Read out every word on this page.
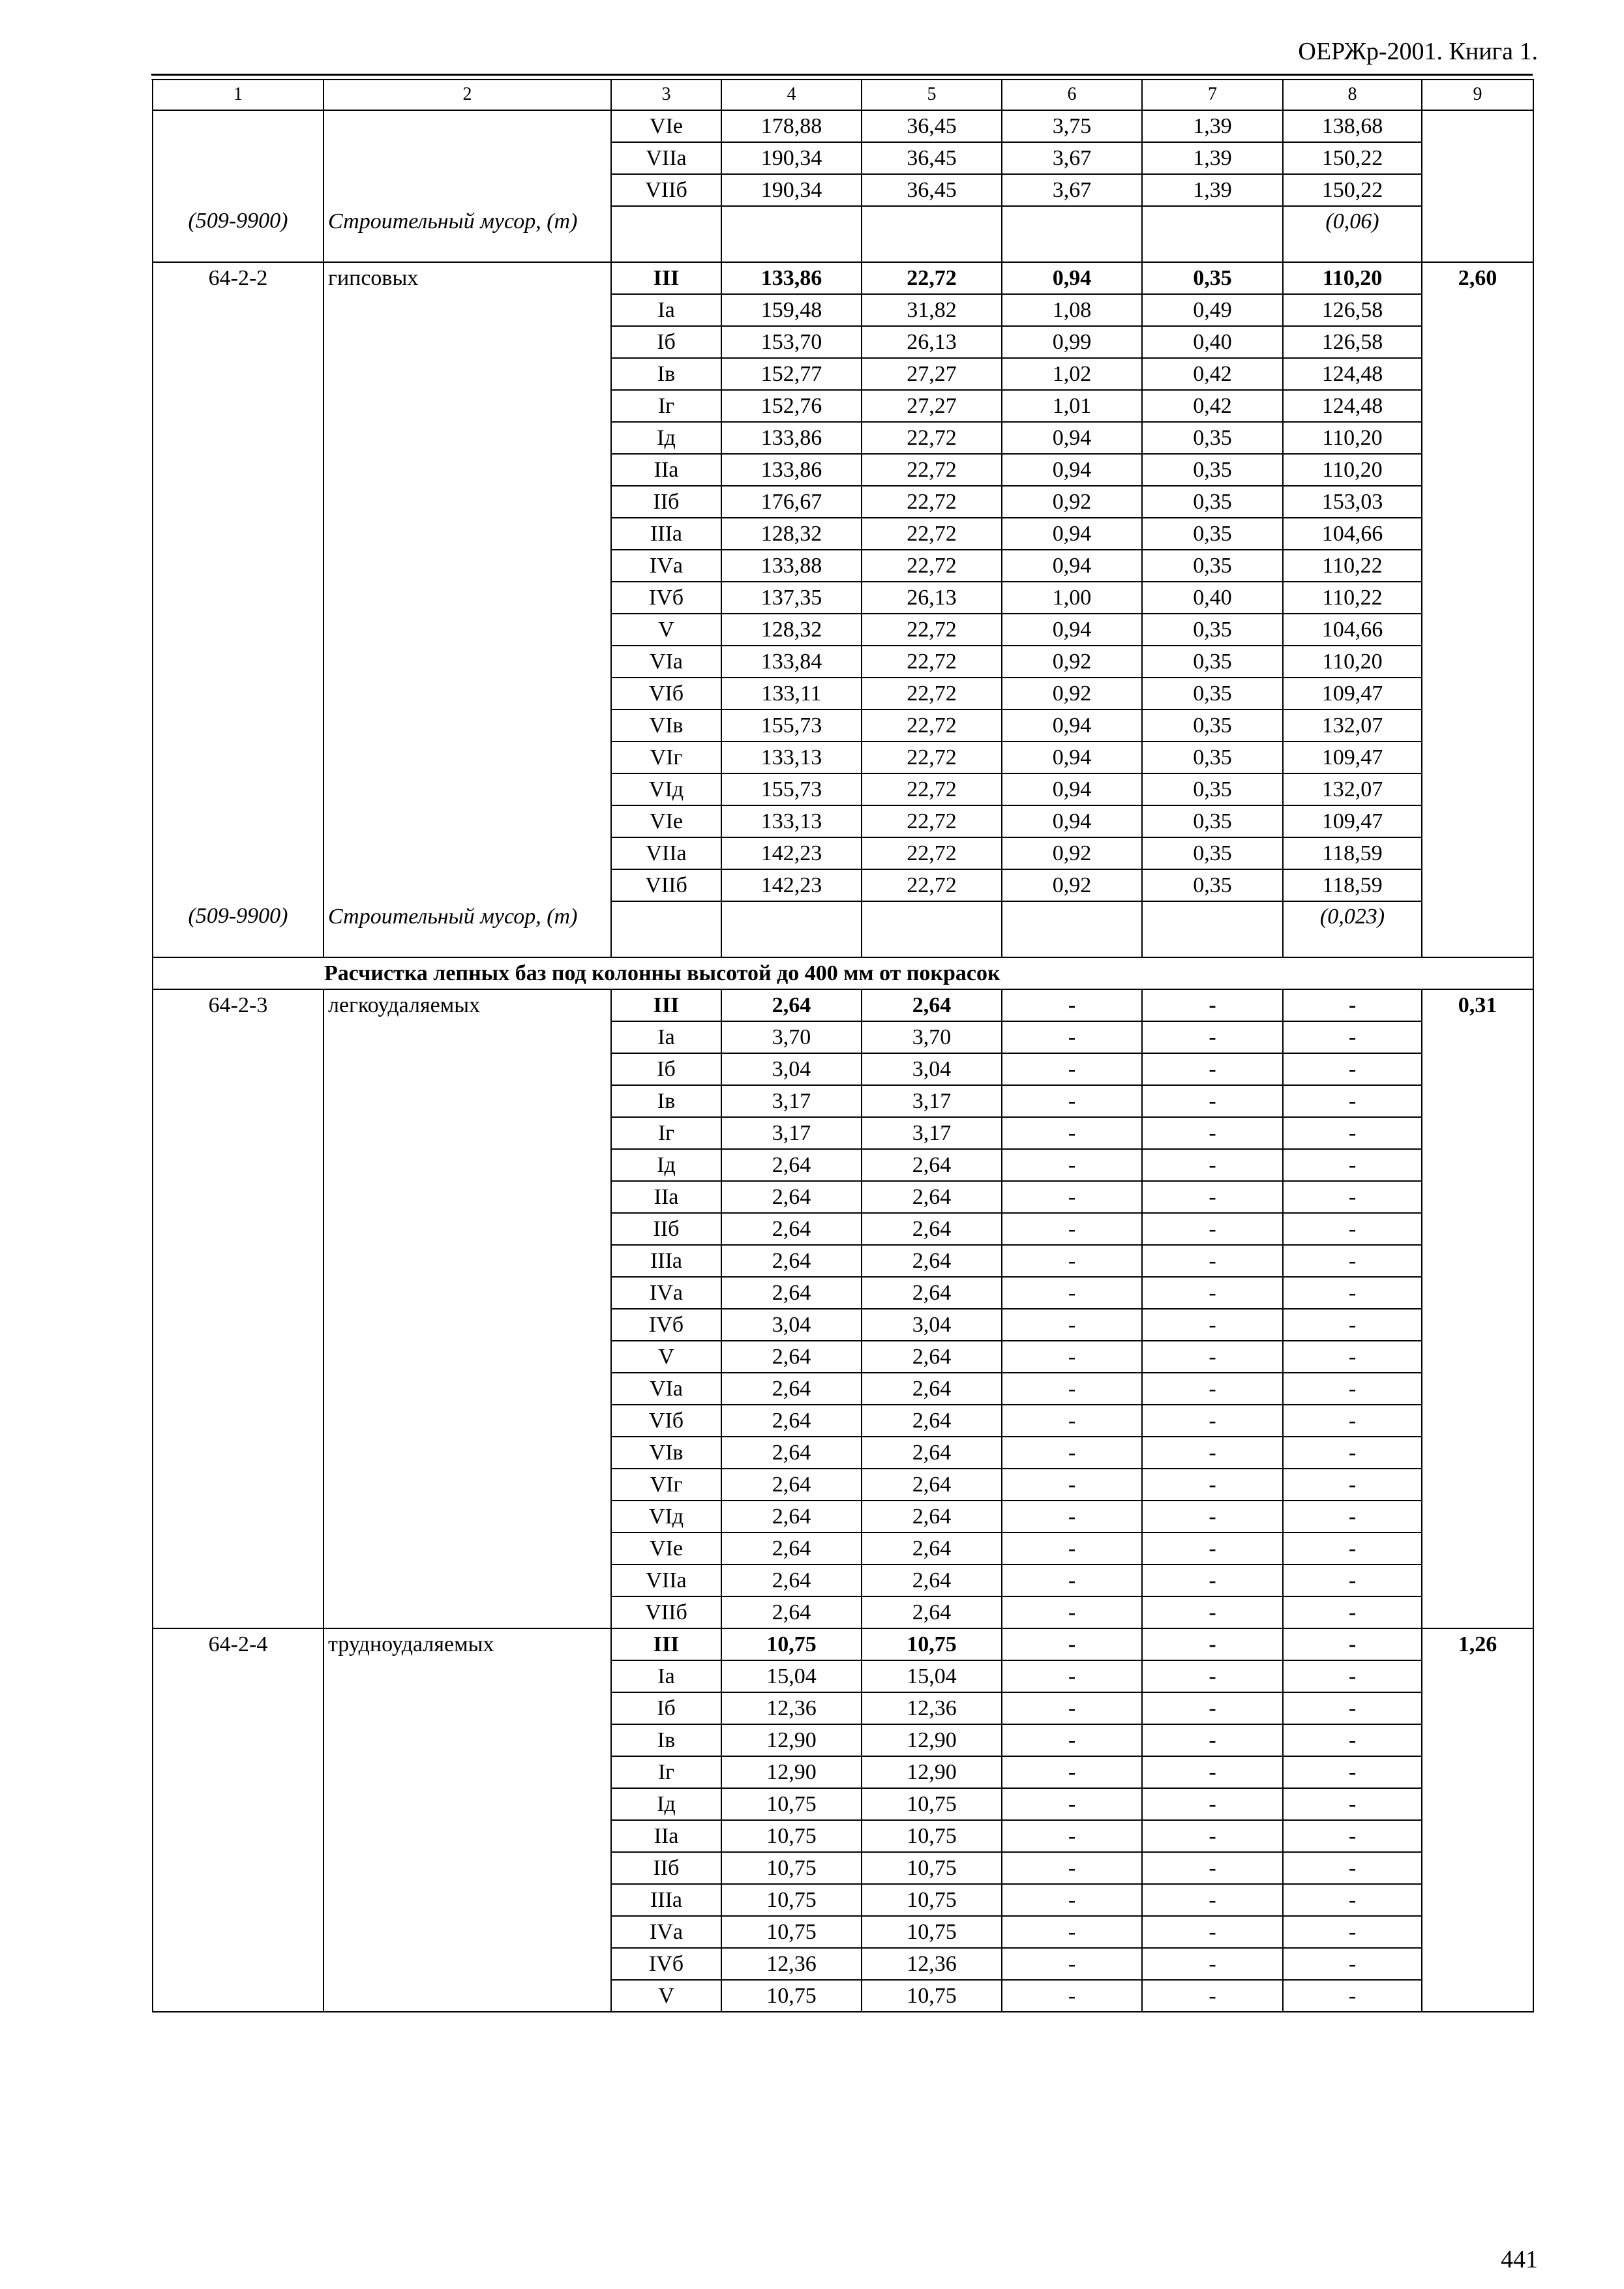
ОЕРЖр-2001. Книга 1.
1	2	3	4	5	6	7	8	9
		VIе	178,88	36,45	3,75	1,39	138,68	
		VIIа	190,34	36,45	3,67	1,39	150,22	
		VIIб	190,34	36,45	3,67	1,39	150,22	
(509-9900)	Строительный мусор, (т)						(0,06)	
64-2-2	гипсовых	III	133,86	22,72	0,94	0,35	110,20	2,60
		Iа	159,48	31,82	1,08	0,49	126,58	
		Iб	153,70	26,13	0,99	0,40	126,58	
		Iв	152,77	27,27	1,02	0,42	124,48	
		Iг	152,76	27,27	1,01	0,42	124,48	
		Iд	133,86	22,72	0,94	0,35	110,20	
		IIа	133,86	22,72	0,94	0,35	110,20	
		IIб	176,67	22,72	0,92	0,35	153,03	
		IIIа	128,32	22,72	0,94	0,35	104,66	
		IVа	133,88	22,72	0,94	0,35	110,22	
		IVб	137,35	26,13	1,00	0,40	110,22	
		V	128,32	22,72	0,94	0,35	104,66	
		VIа	133,84	22,72	0,92	0,35	110,20	
		VIб	133,11	22,72	0,92	0,35	109,47	
		VIв	155,73	22,72	0,94	0,35	132,07	
		VIг	133,13	22,72	0,94	0,35	109,47	
		VIд	155,73	22,72	0,94	0,35	132,07	
		VIе	133,13	22,72	0,94	0,35	109,47	
		VIIа	142,23	22,72	0,92	0,35	118,59	
		VIIб	142,23	22,72	0,92	0,35	118,59	
(509-9900)	Строительный мусор, (т)						(0,023)	
Расчистка лепных баз под колонны высотой до 400 мм от покрасок								
64-2-3	легкоудаляемых	III	2,64	2,64	-	-	-	0,31
		Iа	3,70	3,70	-	-	-	
		Iб	3,04	3,04	-	-	-	
		Iв	3,17	3,17	-	-	-	
		Iг	3,17	3,17	-	-	-	
		Iд	2,64	2,64	-	-	-	
		IIа	2,64	2,64	-	-	-	
		IIб	2,64	2,64	-	-	-	
		IIIа	2,64	2,64	-	-	-	
		IVа	2,64	2,64	-	-	-	
		IVб	3,04	3,04	-	-	-	
		V	2,64	2,64	-	-	-	
		VIа	2,64	2,64	-	-	-	
		VIб	2,64	2,64	-	-	-	
		VIв	2,64	2,64	-	-	-	
		VIг	2,64	2,64	-	-	-	
		VIд	2,64	2,64	-	-	-	
		VIе	2,64	2,64	-	-	-	
		VIIа	2,64	2,64	-	-	-	
		VIIб	2,64	2,64	-	-	-	
64-2-4	трудноудаляемых	III	10,75	10,75	-	-	-	1,26
		Iа	15,04	15,04	-	-	-	
		Iб	12,36	12,36	-	-	-	
		Iв	12,90	12,90	-	-	-	
		Iг	12,90	12,90	-	-	-	
		Iд	10,75	10,75	-	-	-	
		IIа	10,75	10,75	-	-	-	
		IIб	10,75	10,75	-	-	-	
		IIIа	10,75	10,75	-	-	-	
		IVа	10,75	10,75	-	-	-	
		IVб	12,36	12,36	-	-	-	
		V	10,75	10,75	-	-	-	
441
